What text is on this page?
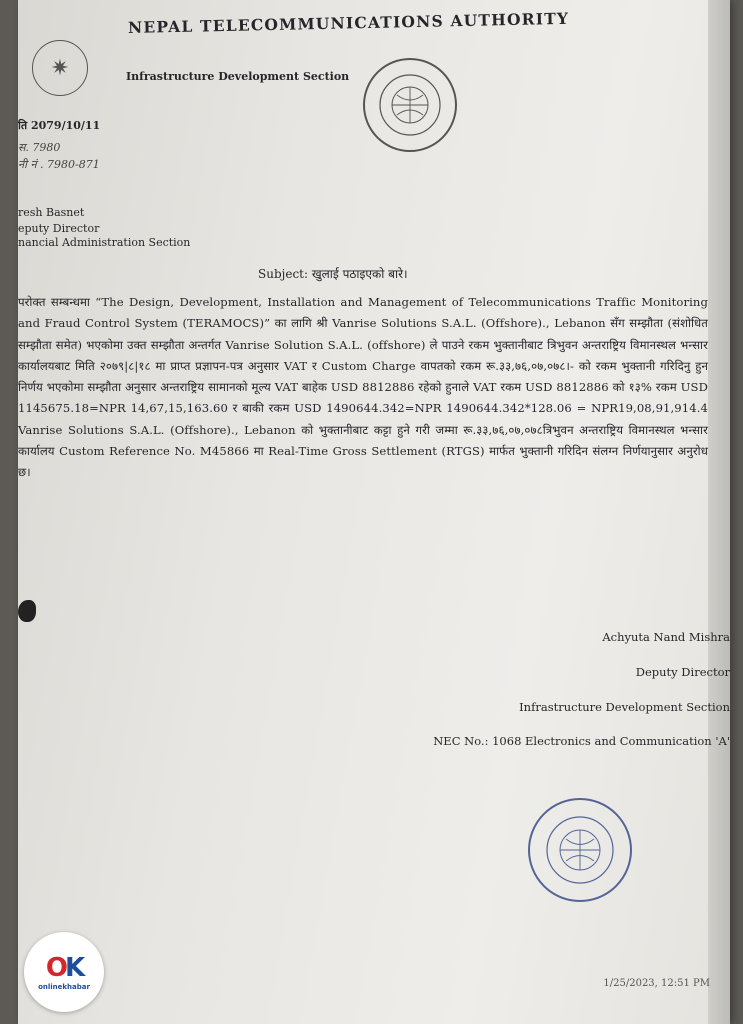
✷
NEPAL TELECOMMUNICATIONS AUTHORITY
Infrastructure Development Section
ति 2079/10/11
स. 7980
नी नं . 7980-871
resh Basnet
eputy Director
nancial Administration Section
Subject: खुलाई पठाइएको बारे।

परोक्त सम्बन्धमा “The Design, Development, Installation and Management of Telecommunications Traffic Monitoring and Fraud Control System (TERAMOCS)” का लागि श्री Vanrise Solutions S.A.L. (Offshore)., Lebanon सँग सम्झौता (संशोधित सम्झौता समेत) भएकोमा उक्त सम्झौता अन्तर्गत Vanrise Solution S.A.L. (offshore) ले पाउने रकम भुक्तानीबाट त्रिभुवन अन्तराष्ट्रिय विमानस्थल भन्सार कार्यालयबाट मिति २०७९|८|१८ मा प्राप्त प्रज्ञापन-पत्र अनुसार VAT र Custom Charge वापतको रकम रू.३३,७६,०७,०७८।- को रकम भुक्तानी गरिदिनु हुन निर्णय भएकोमा सम्झौता अनुसार अन्तराष्ट्रिय सामानको मूल्य VAT बाहेक USD 8812886 रहेको हुनाले VAT रकम USD 8812886 को १३% रकम USD 1145675.18=NPR 14,67,15,163.60 र बाकी रकम USD 1490644.342=NPR 1490644.342*128.06 = NPR19,08,91,914.4 Vanrise Solutions S.A.L. (Offshore)., Lebanon को भुक्तानीबाट कट्टा हुने गरी जम्मा रू.३३,७६,०७,०७८त्रिभुवन अन्तराष्ट्रिय विमानस्थल भन्सार कार्यालय Custom Reference No. M45866 मा Real-Time Gross Settlement (RTGS) मार्फत भुक्तानी गरिदिन संलग्न निर्णयानुसार अनुरोध छ।

Achyuta Nand Mishra
Deputy Director
Infrastructure Development Section
NEC No.: 1068 Electronics and Communication 'A'
1/25/2023, 12:51 PM
OK
onlinekhabar
